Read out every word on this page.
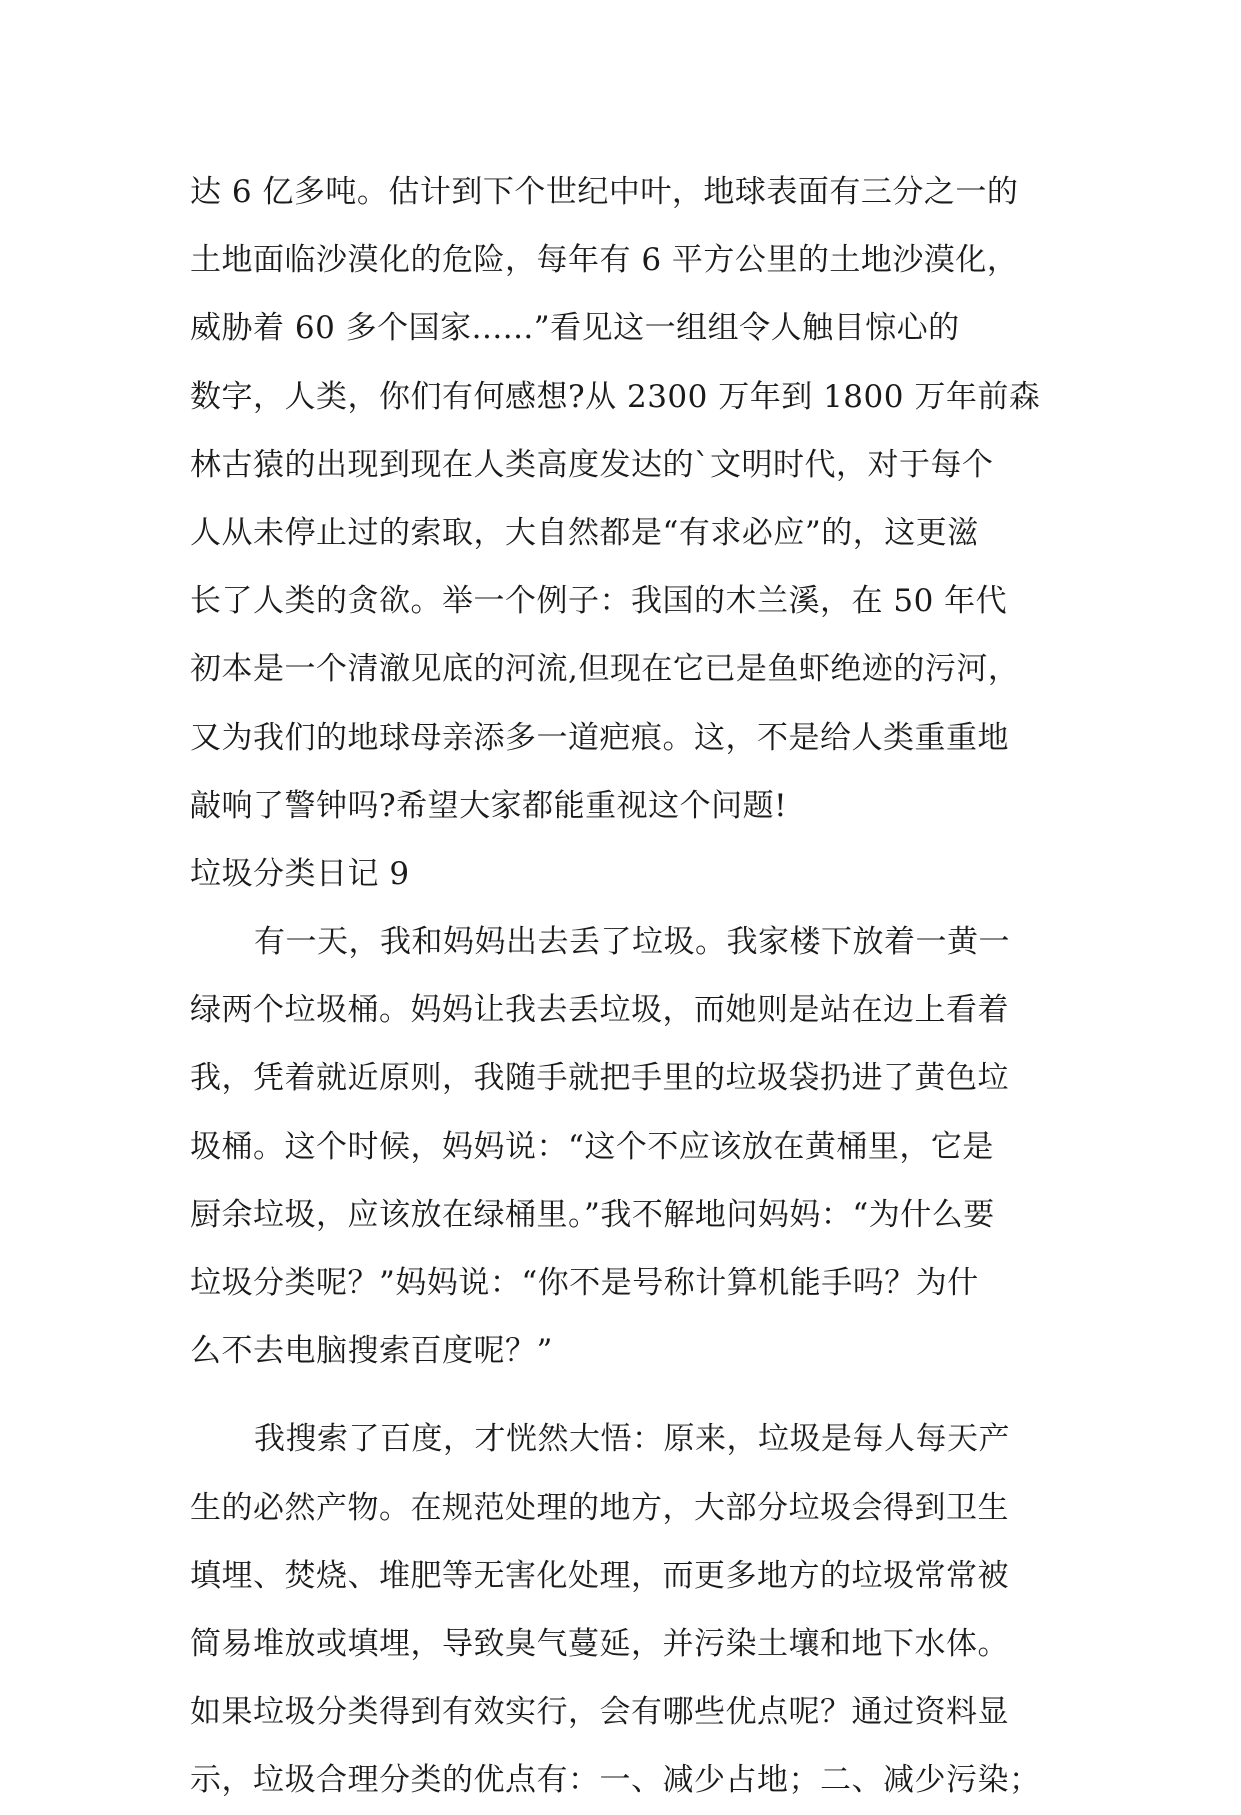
达 6 亿多吨。估计到下个世纪中叶，地球表面有三分之一的
土地面临沙漠化的危险，每年有 6 平方公里的土地沙漠化，
威胁着 60 多个国家......”看见这一组组令人触目惊心的
数字，人类，你们有何感想?从 2300 万年到 1800 万年前森
林古猿的出现到现在人类高度发达的`文明时代，对于每个
人从未停止过的索取，大自然都是“有求必应”的，这更滋
长了人类的贪欲。举一个例子：我国的木兰溪，在 50 年代
初本是一个清澈见底的河流,但现在它已是鱼虾绝迹的污河，
又为我们的地球母亲添多一道疤痕。这，不是给人类重重地
敲响了警钟吗?希望大家都能重视这个问题!
垃圾分类日记 9
有一天，我和妈妈出去丢了垃圾。我家楼下放着一黄一
绿两个垃圾桶。妈妈让我去丢垃圾，而她则是站在边上看着
我，凭着就近原则，我随手就把手里的垃圾袋扔进了黄色垃
圾桶。这个时候，妈妈说：“这个不应该放在黄桶里，它是
厨余垃圾，应该放在绿桶里。”我不解地问妈妈：“为什么要
垃圾分类呢？”妈妈说：“你不是号称计算机能手吗？为什
么不去电脑搜索百度呢？”
我搜索了百度，才恍然大悟：原来，垃圾是每人每天产
生的必然产物。在规范处理的地方，大部分垃圾会得到卫生
填埋、焚烧、堆肥等无害化处理，而更多地方的垃圾常常被
简易堆放或填埋，导致臭气蔓延，并污染土壤和地下水体。
如果垃圾分类得到有效实行，会有哪些优点呢？通过资料显
示，垃圾合理分类的优点有：一、减少占地；二、减少污染；
